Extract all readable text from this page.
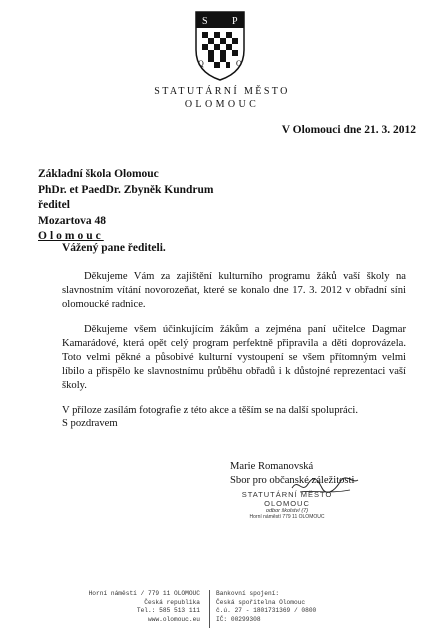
S P
Q	O
STATUTÁRNÍ MĚSTO
OLOMOUC
V Olomouci dne 21. 3. 2012
Základní škola Olomouc
PhDr. et PaedDr. Zbyněk Kundrum
ředitel
Mozartova 48
Olomouc
Vážený pane řediteli.

Děkujeme Vám za zajištění kulturního programu žáků vaší školy na slavnostním vítání novorozeňat, které se konalo dne 17. 3. 2012 v obřadní síni olomoucké radnice.

Děkujeme všem účinkujícím žákům a zejména paní učitelce Dagmar Kamarádové, která opět celý program perfektně připravila a děti doprovázela. Toto velmi pěkné a působivé kulturní vystoupení se všem přítomným velmi líbilo a přispělo ke slavnostnímu průběhu obřadů i k důstojné reprezentaci vaší školy.

V příloze zasílám fotografie z této akce a těším se na další spolupráci.

S pozdravem
Marie Romanovská
Sbor pro občanské záležitosti
STATUTÁRNÍ MĚSTO
OLOMOUC
odbor školství (7)
Horní náměstí 779 11 OLOMOUC
Horní náměstí / 779 11 OLOMOUC
Česká republika
Tel.: 585 513 111
www.olomouc.eu
Bankovní spojení:
Česká spořitelna Olomouc
č.ú. 27 - 1801731369 / 0800
IČ: 00299308
